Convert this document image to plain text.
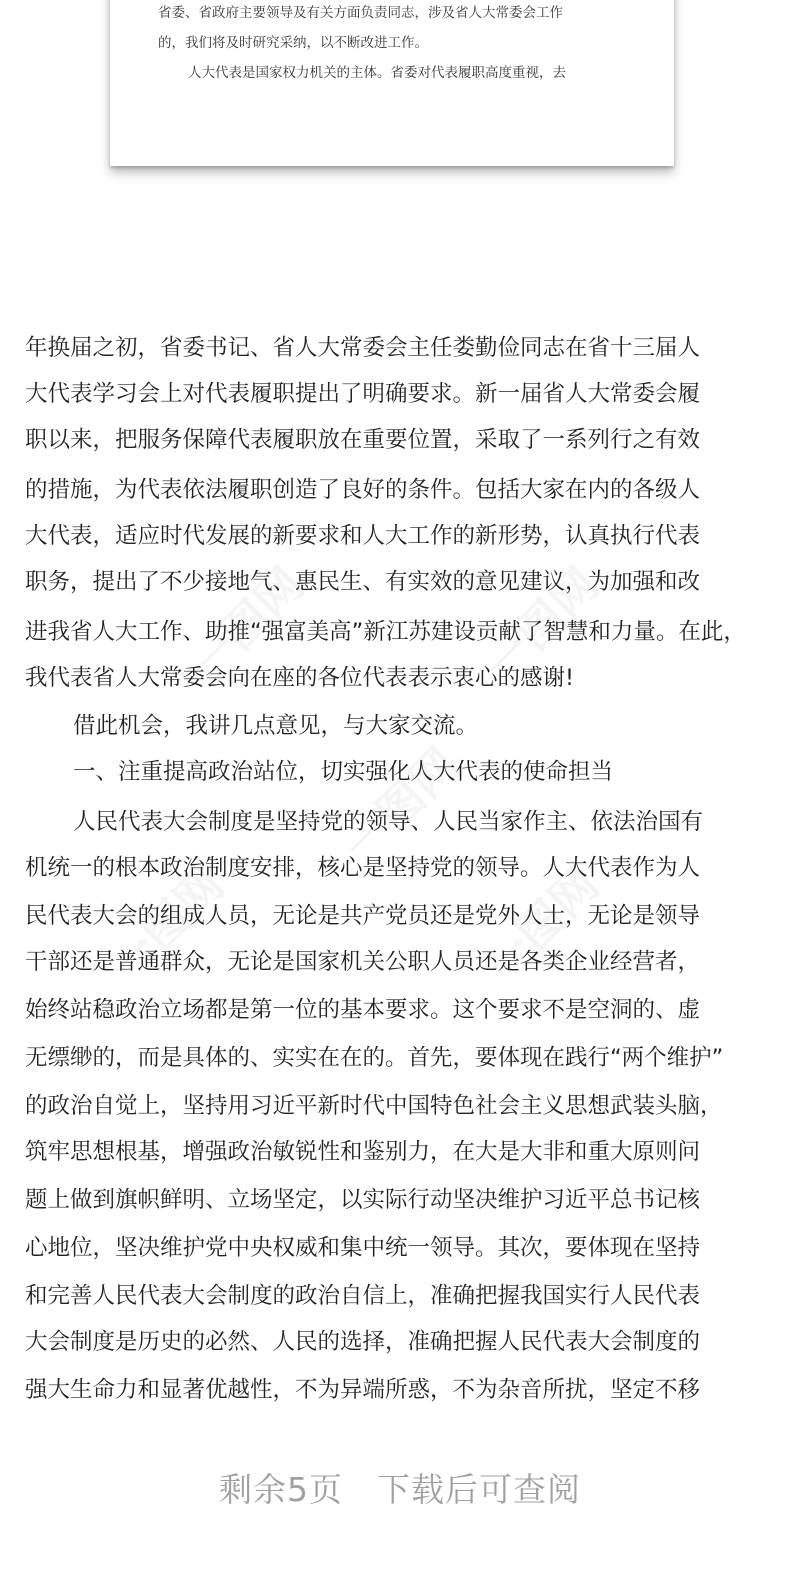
一图网	一图网
一图网
一图网	一图网
省委、省政府主要领导及有关方面负责同志，涉及省人大常委会工作
的，我们将及时研究采纳，以不断改进工作。
人大代表是国家权力机关的主体。省委对代表履职高度重视，去
年换届之初，省委书记、省人大常委会主任娄勤俭同志在省十三届人
大代表学习会上对代表履职提出了明确要求。新一届省人大常委会履
职以来，把服务保障代表履职放在重要位置，采取了一系列行之有效
的措施，为代表依法履职创造了良好的条件。包括大家在内的各级人
大代表，适应时代发展的新要求和人大工作的新形势，认真执行代表
职务，提出了不少接地气、惠民生、有实效的意见建议，为加强和改
进我省人大工作、助推“强富美高”新江苏建设贡献了智慧和力量。在此，
我代表省人大常委会向在座的各位代表表示衷心的感谢!
借此机会，我讲几点意见，与大家交流。
一、注重提高政治站位，切实强化人大代表的使命担当
人民代表大会制度是坚持党的领导、人民当家作主、依法治国有
机统一的根本政治制度安排，核心是坚持党的领导。人大代表作为人
民代表大会的组成人员，无论是共产党员还是党外人士，无论是领导
干部还是普通群众，无论是国家机关公职人员还是各类企业经营者，
始终站稳政治立场都是第一位的基本要求。这个要求不是空洞的、虚
无缥缈的，而是具体的、实实在在的。首先，要体现在践行“两个维护”
的政治自觉上，坚持用习近平新时代中国特色社会主义思想武装头脑，
筑牢思想根基，增强政治敏锐性和鉴别力，在大是大非和重大原则问
题上做到旗帜鲜明、立场坚定，以实际行动坚决维护习近平总书记核
心地位，坚决维护党中央权威和集中统一领导。其次，要体现在坚持
和完善人民代表大会制度的政治自信上，准确把握我国实行人民代表
大会制度是历史的必然、人民的选择，准确把握人民代表大会制度的
强大生命力和显著优越性，不为异端所惑，不为杂音所扰，坚定不移
剩余5页 下载后可查阅
